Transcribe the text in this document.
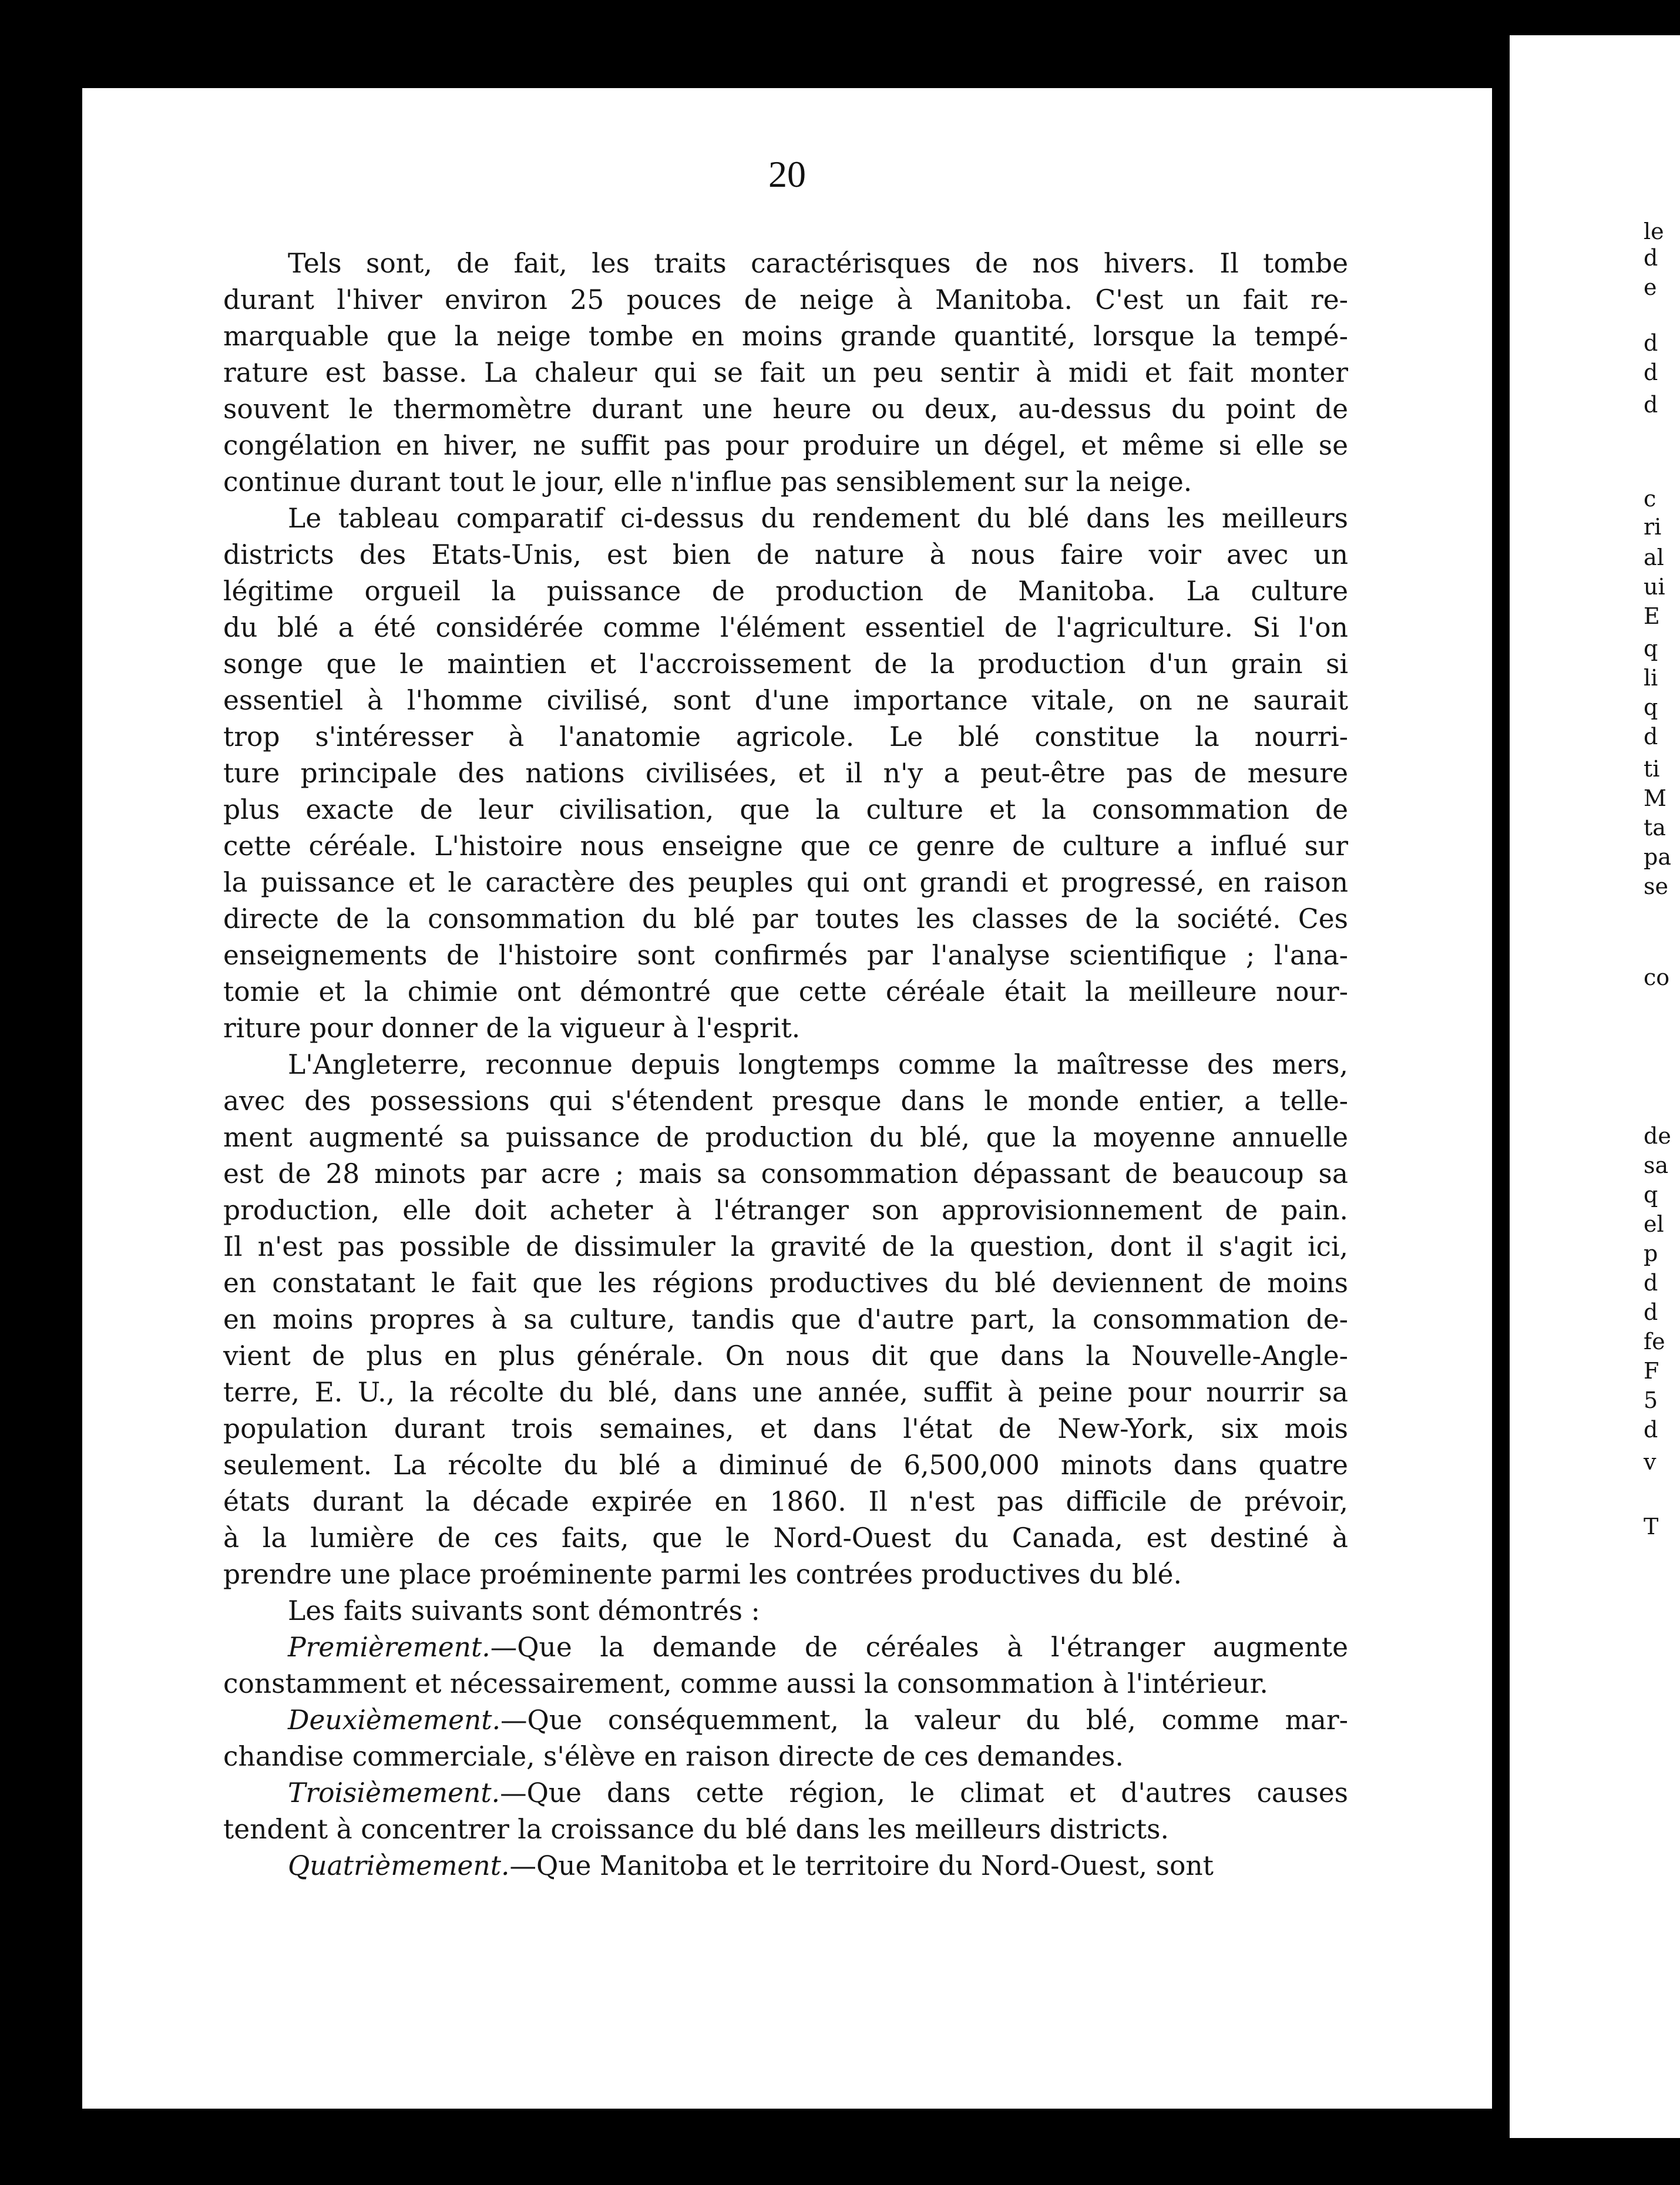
20

Tels sont, de fait, les traits caractérisques de nos hivers. Il tombe
durant l'hiver environ 25 pouces de neige à Manitoba. C'est un fait re-
marquable que la neige tombe en moins grande quantité, lorsque la tempé-
rature est basse. La chaleur qui se fait un peu sentir à midi et fait monter
souvent le thermomètre durant une heure ou deux, au-dessus du point de
congélation en hiver, ne suffit pas pour produire un dégel, et même si elle se
continue durant tout le jour, elle n'influe pas sensiblement sur la neige.
Le tableau comparatif ci-dessus du rendement du blé dans les meilleurs
districts des Etats-Unis, est bien de nature à nous faire voir avec un
légitime orgueil la puissance de production de Manitoba. La culture
du blé a été considérée comme l'élément essentiel de l'agriculture. Si l'on
songe que le maintien et l'accroissement de la production d'un grain si
essentiel à l'homme civilisé, sont d'une importance vitale, on ne saurait
trop s'intéresser à l'anatomie agricole. Le blé constitue la nourri-
ture principale des nations civilisées, et il n'y a peut-être pas de mesure
plus exacte de leur civilisation, que la culture et la consommation de
cette céréale. L'histoire nous enseigne que ce genre de culture a influé sur
la puissance et le caractère des peuples qui ont grandi et progressé, en raison
directe de la consommation du blé par toutes les classes de la société. Ces
enseignements de l'histoire sont confirmés par l'analyse scientifique ; l'ana-
tomie et la chimie ont démontré que cette céréale était la meilleure nour-
riture pour donner de la vigueur à l'esprit.
L'Angleterre, reconnue depuis longtemps comme la maîtresse des mers,
avec des possessions qui s'étendent presque dans le monde entier, a telle-
ment augmenté sa puissance de production du blé, que la moyenne annuelle
est de 28 minots par acre ; mais sa consommation dépassant de beaucoup sa
production, elle doit acheter à l'étranger son approvisionnement de pain.
Il n'est pas possible de dissimuler la gravité de la question, dont il s'agit ici,
en constatant le fait que les régions productives du blé deviennent de moins
en moins propres à sa culture, tandis que d'autre part, la consommation de-
vient de plus en plus générale. On nous dit que dans la Nouvelle-Angle-
terre, E. U., la récolte du blé, dans une année, suffit à peine pour nourrir sa
population durant trois semaines, et dans l'état de New-York, six mois
seulement. La récolte du blé a diminué de 6,500,000 minots dans quatre
états durant la décade expirée en 1860. Il n'est pas difficile de prévoir,
à la lumière de ces faits, que le Nord-Ouest du Canada, est destiné à
prendre une place proéminente parmi les contrées productives du blé.
Les faits suivants sont démontrés :
Premièrement.—Que la demande de céréales à l'étranger augmente
constamment et nécessairement, comme aussi la consommation à l'intérieur.
Deuxièmement.—Que conséquemment, la valeur du blé, comme mar-
chandise commerciale, s'élève en raison directe de ces demandes.
Troisièmement.—Que dans cette région, le climat et d'autres causes
tendent à concentrer la croissance du blé dans les meilleurs districts.
Quatrièmement.—Que Manitoba et le territoire du Nord-Ouest, sont

le

d

e

d

d

d

c

ri

al

ui

E

q

li

q

d

ti

M

ta

pa

se

co

de

sa

q

el

p

d

d

fe

F

5

d

v

T
